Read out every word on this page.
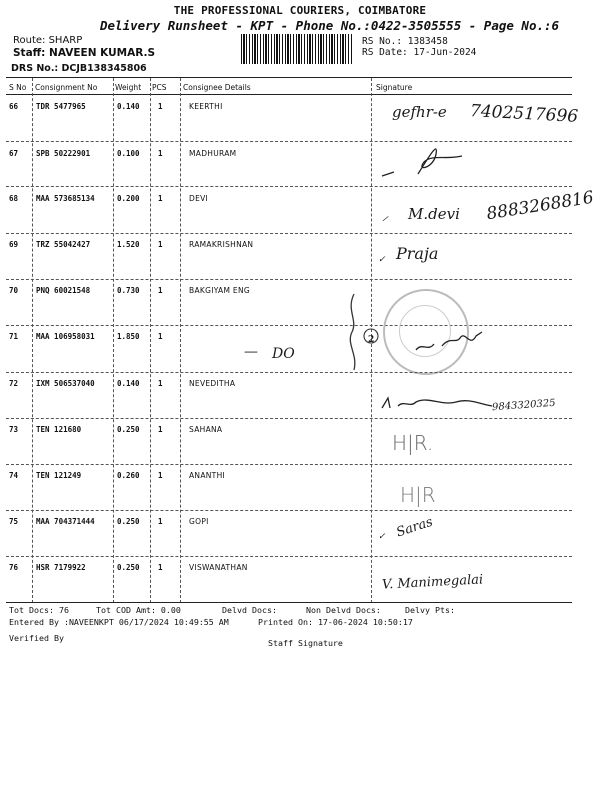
THE PROFESSIONAL COURIERS, COIMBATORE
Delivery Runsheet - KPT - Phone No.:0422-3505555 - Page No.:6
Route: SHARP
Staff: NAVEEN KUMAR.S
DRS No.: DCJB138345806
RS No.: 1383458
RS Date: 17-Jun-2024
S No Consignment No Weight PCS Consignee Details	Signature
66 TDR 5477965	0.140 1	KEERTHI	gefhr-e 7402517696
67 SPB 50222901	0.100 1	MADHURAM
68 MAA 573685134	0.200 1	DEVI
⸝ M.devi 8883268816
69 TRZ 55042427	1.520 1	RAMAKRISHNAN
✓ Praja
70 PNQ 60021548	0.730 1	BAKGIYAM ENG
71 MAA 106958031	1.850 1
— DO
2
72 IXM 506537040	0.140 1	NEVEDITHA
9843320325
73 TEN 121680	0.250 1	SAHANA
H|R.
74 TEN 121249	0.260 1	ANANTHI
H|R
75 MAA 704371444	0.250 1	GOPI
✓ Saras
76 HSR 7179922	0.250 1	VISWANATHAN
V. Manimegalai
Tot Docs: 76	Tot COD Amt: 0.00	Delvd Docs:	Non Delvd Docs:	Delvy Pts:
Entered By :NAVEENKPT 06/17/2024 10:49:55 AM	Printed On: 17-06-2024 10:50:17
Verified By	Staff Signature
